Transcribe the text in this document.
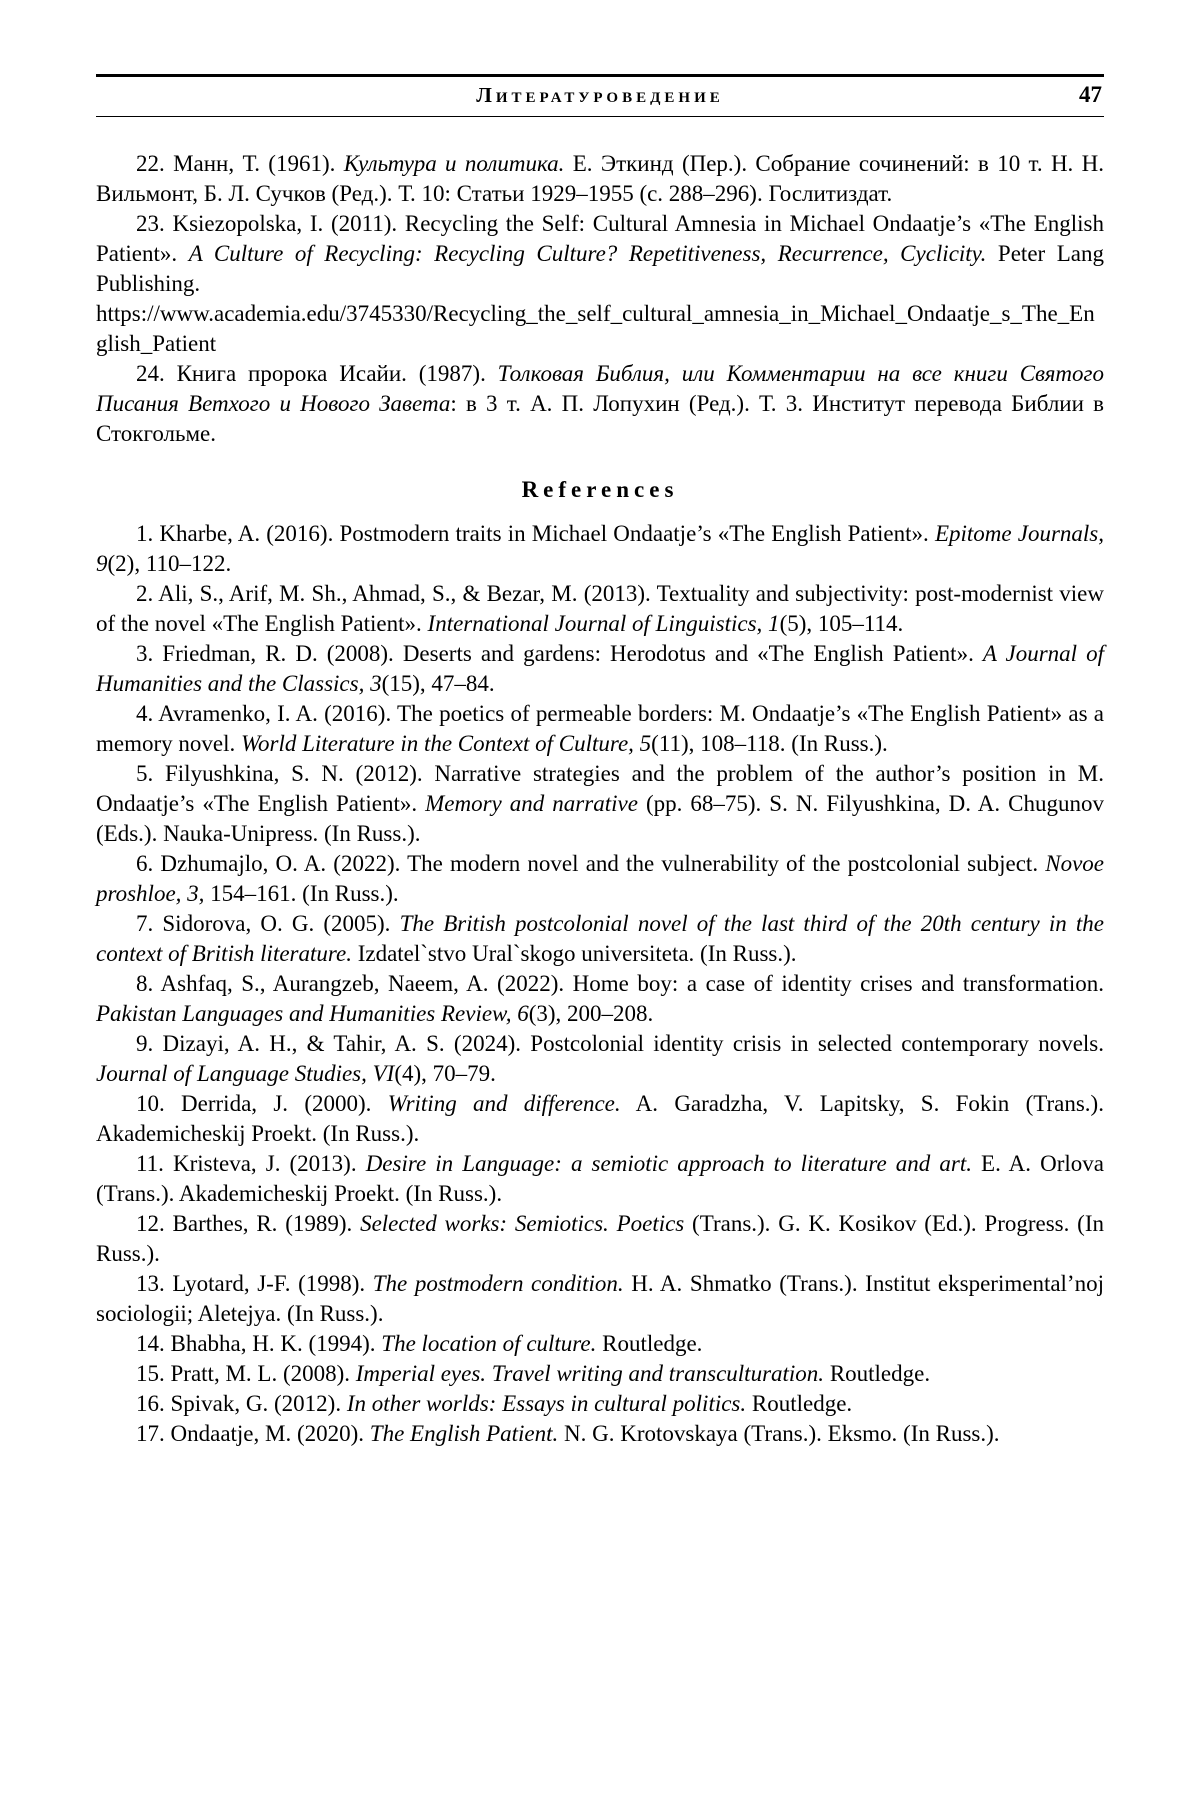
Литературоведение	47

22. Манн, Т. (1961). Культура и политика. Е. Эткинд (Пер.). Собрание сочинений: в 10 т. Н. Н. Вильмонт, Б. Л. Сучков (Ред.). Т. 10: Статьи 1929–1955 (с. 288–296). Гослитиздат.

23. Ksiezopolska, I. (2011). Recycling the Self: Cultural Amnesia in Michael Ondaatje’s «The English Patient». A Culture of Recycling: Recycling Culture? Repetitiveness, Recurrence, Cyclicity. Peter Lang Publishing. https://www.academia.edu/3745330/Recycling_the_self_cultural_amnesia_in_Michael_Ondaatje_s_The_English_Patient

24. Книга пророка Исайи. (1987). Толковая Библия, или Комментарии на все книги Святого Писания Ветхого и Нового Завета: в 3 т. А. П. Лопухин (Ред.). Т. 3. Институт перевода Библии в Стокгольме.

References

1. Kharbe, A. (2016). Postmodern traits in Michael Ondaatje’s «The English Patient». Epitome Journals, 9(2), 110–122.

2. Ali, S., Arif, M. Sh., Ahmad, S., & Bezar, M. (2013). Textuality and subjectivity: post-modernist view of the novel «The English Patient». International Journal of Linguistics, 1(5), 105–114.

3. Friedman, R. D. (2008). Deserts and gardens: Herodotus and «The English Patient». A Journal of Humanities and the Classics, 3(15), 47–84.

4. Avramenko, I. A. (2016). The poetics of permeable borders: M. Ondaatje’s «The English Patient» as a memory novel. World Literature in the Context of Culture, 5(11), 108–118. (In Russ.).

5. Filyushkina, S. N. (2012). Narrative strategies and the problem of the author’s position in M. Ondaatje’s «The English Patient». Memory and narrative (pp. 68–75). S. N. Filyushkina, D. A. Chugunov (Eds.). Nauka-Unipress. (In Russ.).

6. Dzhumajlo, O. A. (2022). The modern novel and the vulnerability of the postcolonial subject. Novoe proshloe, 3, 154–161. (In Russ.).

7. Sidorova, O. G. (2005). The British postcolonial novel of the last third of the 20th century in the context of British literature. Izdatel`stvo Ural`skogo universiteta. (In Russ.).

8. Ashfaq, S., Aurangzeb, Naeem, A. (2022). Home boy: a case of identity crises and transformation. Pakistan Languages and Humanities Review, 6(3), 200–208.

9. Dizayi, A. H., & Tahir, A. S. (2024). Postcolonial identity crisis in selected contemporary novels. Journal of Language Studies, VI(4), 70–79.

10. Derrida, J. (2000). Writing and difference. A. Garadzha, V. Lapitsky, S. Fokin (Trans.). Akademicheskij Proekt. (In Russ.).

11. Kristeva, J. (2013). Desire in Language: a semiotic approach to literature and art. E. A. Orlova (Trans.). Akademicheskij Proekt. (In Russ.).

12. Barthes, R. (1989). Selected works: Semiotics. Poetics (Trans.). G. K. Kosikov (Ed.). Progress. (In Russ.).

13. Lyotard, J-F. (1998). The postmodern condition. H. A. Shmatko (Trans.). Institut eksperimental’noj sociologii; Aletejya. (In Russ.).

14. Bhabha, H. K. (1994). The location of culture. Routledge.

15. Pratt, M. L. (2008). Imperial eyes. Travel writing and transculturation. Routledge.

16. Spivak, G. (2012). In other worlds: Essays in cultural politics. Routledge.

17. Ondaatje, M. (2020). The English Patient. N. G. Krotovskaya (Trans.). Eksmo. (In Russ.).
